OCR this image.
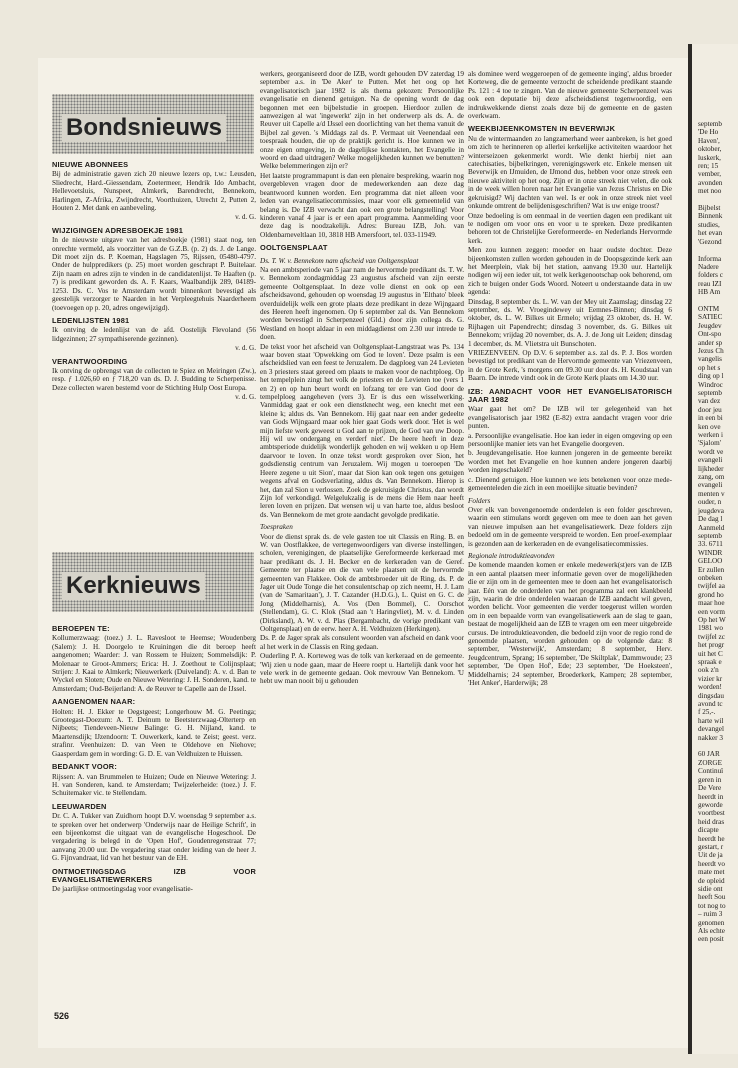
Bondsnieuws
Kerknieuws
NIEUWE ABONNEES

Bij de administratie gaven zich 20 nieuwe lezers op, t.w.: Leusden, Sliedrecht, Hard.-Giessendam, Zoetermeer, Hendrik Ido Ambacht, Hellevoetsluis, Nunspeet, Almkerk, Barendrecht, Bennekom, Harlingen, Z-Afrika, Zwijndrecht, Voorthuizen, Utrecht 2, Putten 2, Houten 2. Met dank en aanbeveling.

v. d. G.

WIJZIGINGEN ADRESBOEKJE 1981

In de nieuwste uitgave van het adresboekje (1981) staat nog, ten onrechte vermeld, als voorzitter van de G.Z.B. (p. 2) ds. J. de Lange. Dit moet zijn ds. P. Koeman, Hagslagen 75, Rijssen, 05480-4797. Onder de hulppredikers (p. 25) moet worden geschrapt P. Buitelaar. Zijn naam en adres zijn te vinden in de candidatenlijst. Te Haaften (p. 7) is predikant geworden ds. A. F. Kaars, Waalbandijk 289, 04189-1253. Ds. C. Vos te Amsterdam wordt binnenkort bevestigd als geestelijk verzorger te Naarden in het Verpleegtehuis Naarderheem (toevoegen op p. 20, adres ongewijzigd).

LEDENLIJSTEN 1981

Ik ontving de ledenlijst van de afd. Oostelijk Flevoland (56 lidgezinnen; 27 sympathiserende gezinnen).

v. d. G.

VERANTWOORDING

Ik ontving de opbrengst van de collecten te Spiez en Meiringen (Zw.), resp. ƒ 1.026,60 en ƒ 718,20 van ds. D. J. Budding te Scherpenisse. Deze collecten waren bestemd voor de Stichting Hulp Oost Europa.

v. d. G.

BEROEPEN TE:

Kollumerzwaag: (toez.) J. L. Ravesloot te Heemse; Woudenberg (Salem): J. H. Doorgelo te Kruiningen die dit beroep heeft aangenomen; Waarder: J. van Rossem te Huizen; Sommelsdijk: P. Molenaar te Groot-Ammers; Erica: H. J. Zoethout te Colijnsplaat; Strijen: J. Kaai te Almkerk; Nieuwerkerk (Duiveland): A. v. d. Ban te Wyckel en Sloten; Oude en Nieuwe Wetering: J. H. Sonderen, kand. te Amsterdam; Oud-Beijerland: A. de Reuver te Capelle aan de IJssel.

AANGENOMEN NAAR:

Holten: H. J. Ekker te Oegstgeest; Longerhouw M. G. Peetinga; Grootegast-Doezum: A. T. Deinum te Beetsterzwaag-Olterterp en Nijbeets; Tiendeveen-Nieuw Balinge: G. H. Nijland, kand. te Maartensdijk; IJzendoorn: T. Ouwerkerk, kand. te Zeist; geest. verz. strafinr. Veenhuizen: D. van Veen te Oldehove en Niehove; Gaasperdam gem in wording: G. D. E. van Veldhuizen te Huissen.

BEDANKT VOOR:

Rijssen: A. van Brummelen te Huizen; Oude en Nieuwe Wetering: J. H. van Sonderen, kand. te Amsterdam; Twijzelerheide: (toez.) J. F. Schuitemaker vic. te Stellendam.

LEEUWARDEN

Dr. C. A. Tukker van Zuidhorn hoopt D.V. woensdag 9 september a.s. te spreken over het onderwerp 'Onderwijs naar de Heilige Schrift', in een bijeenkomst die uitgaat van de evangelische Hogeschool. De vergadering is belegd in de 'Open Hof', Goudenregenstraat 77; aanvang 20.00 uur. De vergadering staat onder leiding van de heer J. G. Fijnvandraat, lid van het bestuur van de EH.

ONTMOETINGSDAG IZB VOOR EVANGELISATIEWERKERS

De jaarlijkse ontmoetingsdag voor evangelisatie-

werkers, georganiseerd door de IZB, wordt gehouden DV zaterdag 19 september a.s. in 'De Aker' te Putten. Met het oog op het evangelisatorisch jaar 1982 is als thema gekozen: Persoonlijke evangelisatie en dienend getuigen. Na de opening wordt de dag begonnen met een bijbelstudie in groepen. Hierdoor zullen de aanwezigen al wat 'ingewerkt' zijn in het onderwerp als ds. A. de Reuver uit Capelle a/d IJssel een doorlichting van het thema vanuit de Bijbel zal geven. 's Middags zal ds. P. Vermaat uit Veenendaal een toespraak houden, die op de praktijk gericht is. Hoe kunnen we in onze eigen omgeving, in de dagelijkse kontakten, het Evangelie in woord en daad uitdragen? Welke mogelijkheden kunnen we benutten? Welke belemmeringen zijn er?

Het laatste programmapunt is dan een plenaire bespreking, waarin nog overgebleven vragen door de medewerkenden aan deze dag beantwoord kunnen worden. Een programma dat niet alleen voor leden van evangelisatiecommissies, maar voor elk gemeentelid van belang is. De IZB verwacht dan ook een grote belangstelling! Voor kinderen vanaf 4 jaar is er een apart programma. Aanmelding voor deze dag is noodzakelijk. Adres: Bureau IZB, Joh. van Oldenbarneveltlaan 10, 3818 HB Amersfoort, tel. 033-11949.

OOLTGENSPLAAT
Ds. T. W. v. Bennekom nam afscheid van Ooltgensplaat

Na een ambtsperiode van 5 jaar nam de hervormde predikant ds. T. W. v. Bennekom zondagmiddag 23 augustus afscheid van zijn eerste gemeente Ooltgensplaat. In deze volle dienst en ook op een afscheidsavond, gehouden op woensdag 19 augustus in 'Elthato' bleek overduidelijk welk een grote plaats deze predikant in deze Wijngaard des Heeren heeft ingenomen. Op 6 september zal ds. Van Bennekom worden bevestigd in Scherpenzeel (Gld.) door zijn collega ds. G. Westland en hoopt aldaar in een middagdienst om 2.30 uur intrede te doen.

De tekst voor het afscheid van Ooltgensplaat-Langstraat was Ps. 134 waar boven staat 'Opwekking om God te loven'. Deze psalm is een afscheidslied van een feest te Jeruzalem. De dagploeg van 24 Levieten en 3 priesters staat gereed om plaats te maken voor de nachtploeg. Op het tempelplein zingt het volk de priesters en de Levieten toe (vers 1 en 2) en op hun beurt wordt en lofzang ter ere van God door de tempelploeg aangeheven (vers 3). Er is dus een wisselwerking. Vanmiddag gaat er ook een dienstknecht weg, een knecht met een kleine k; aldus ds. Van Bennekom. Hij gaat naar een ander gedeelte van Gods Wijngaard maar ook hier gaat Gods werk door. 'Het is wel mijn liefste werk geweest u God aan te prijzen, de God van uw Doop. Hij wil uw ondergang en verderf niet'. De heere heeft in deze ambtsperiode duidelijk wonderlijk gehoden en wij wekken u op Hem daarvoor te loven. In onze tekst wordt gesproken over Sion, het godsdienstig centrum van Jeruzalem. Wij mogen u toeroepen 'De Heere zegene u uit Sion', maar dat Sion kan ook tegen ons getuigen wegens afval en Godsverlating, aldus ds. Van Bennekom. Hierop is het, dan zal Sion u verlossen. Zoek de gekruisigde Christus, dan wordt Zijn lof verkondigd. Welgelukzalig is de mens die Hem naar heeft leren loven en prijzen. Dat wensen wij u van harte toe, aldus besloot ds. Van Bennekom de met grote aandacht gevolgde predikatie.

Toespraken

Voor de dienst sprak ds. de vele gasten toe uit Classis en Ring. B. en W. van Oostflakkee, de vertegenwoordigers van diverse instellingen, scholen, verenigingen, de plaatselijke Gereformeerde kerkeraad met haar predikant ds. J. H. Becker en de kerkeraden van de Geref. Gemeente ter plaatse en die van vele plaatsen uit de hervormde gemeenten van Flakkee. Ook de ambtsbroeder uit de Ring, ds. P. de Jager uit Oude Tonge die het consulentschap op zich neemt, H. J. Lam (van de 'Samaritaan'), J. T. Cazander (H.D.G.), L. Quist en G. C. de Jong (Middelharnis), A. Vos (Den Bommel), C. Oorschot (Stellendam), G. C. Klok (Stad aan 't Haringvliet), M. v. d. Linden (Dirksland), A. W. v. d. Plas (Bergambacht, de vorige predikant van Ooltgensplaat) en de eerw. heer A. H. Veldhuizen (Herkingen).

Ds. P. de Jager sprak als consulent woorden van afscheid en dank voor al het werk in de Classis en Ring gedaan.

Ouderling P. A. Korteweg was de tolk van kerkeraad en de gemeente. 'Wij zien u node gaan, maar de Heere roept u. Hartelijk dank voor het vele werk in de gemeente gedaan. Ook mevrouw Van Bennekom. 'U hebt uw man nooit bij u gehouden

als dominee werd weggeroepen of de gemeente inging', aldus broeder Korteweg, die de gemeente verzocht de scheidende predikant staande Ps. 121 : 4 toe te zingen. Van de nieuwe gemeente Scherpenzeel was ook een deputatie bij deze afscheidsdienst tegenwoordig, een indrukwekkende dienst zoals deze bij de gemeente en de gasten overkwam.

WEEKBIJEENKOMSTEN IN BEVERWIJK

Nu de wintermaanden zo langzamerhand weer aanbreken, is het goed om zich te herinneren op allerlei kerkelijke activiteiten waardoor het winterseizoen gekenmerkt wordt. Wie denkt hierbij niet aan catechisaties, bijbelkringen, verenigingswerk etc. Enkele mensen uit Beverwijk en IJmuiden, de IJmond dus, hebben voor onze streek een nieuwe aktiviteit op het oog. Zijn er in onze streek niet velen, die ook in de week willen horen naar het Evangelie van Jezus Christus en Die gekruisigd? Wij dachten van wel. Is er ook in onze streek niet veel onkunde omtrent de belijdenisgeschriften? Wat is uw enige troost?

Onze bedoeling is om eenmaal in de veertien dagen een predikant uit te nodigen om voor ons en voor u te spreken. Deze predikanten behoren tot de Christelijke Gereformeerde- en Nederlands Hervormde kerk.

Men zou kunnen zeggen: moeder en haar oudste dochter. Deze bijeenkomsten zullen worden gehouden in de Doopsgezinde kerk aan het Meerplein, vlak bij het station, aanvang 19.30 uur. Hartelijk nodigen wij een ieder uit, tot welk kerkgenootschap ook behorend, om zich te buigen onder Gods Woord. Noteert u onderstaande data in uw agenda:

Dinsdag, 8 september ds. L. W. van der Mey uit Zaamslag; dinsdag 22 september, ds. W. Vroegindewey uit Eemnes-Binnen; dinsdag 6 oktober, ds. L. W. Bilkes uit Ermelo; vrijdag 23 oktober, ds. H. W. Rijhagen uit Papendrecht; dinsdag 3 november, ds. G. Bilkes uit Bennekom; vrijdag 20 november, ds. A. J. de Jong uit Leiden; dinsdag 1 december, ds. M. Vlietstra uit Bunschoten.

VRIEZENVEEN. Op D.V. 6 september a.s. zal ds. P. J. Bos worden bevestigd tot predikant van de Hervormde gemeente van Vriezenveen, in de Grote Kerk, 's morgens om 09.30 uur door ds. H. Koudstaal van Baarn. De intrede vindt ook in de Grote Kerk plaats om 14.30 uur.

IZB: AANDACHT VOOR HET EVANGELISATORISCH JAAR 1982

Waar gaat het om? De IZB wil ter gelegenheid van het evangelisatorisch jaar 1982 (E-82) extra aandacht vragen voor drie punten.

a. Persoonlijke evangelisatie. Hoe kan ieder in eigen omgeving op een persoonlijke manier iets van het Evangelie doorgeven.

b. Jeugdevangelisatie. Hoe kunnen jongeren in de gemeente bereikt worden met het Evangelie en hoe kunnen andere jongeren daarbij worden ingeschakeld?

c. Dienend getuigen. Hoe kunnen we iets betekenen voor onze mede-gemeenteleden die zich in een moeilijke situatie bevinden?

Folders

Over elk van bovengenoemde onderdelen is een folder geschreven, waarin een stimulans wordt gegeven om mee te doen aan het geven van nieuwe impulsen aan het evangelisatiewerk. Deze folders zijn bedoeld om in de gemeente verspreid te worden. Een proef-exemplaar is gezonden aan de kerkeraden en de evangelisatiecommissies.

Regionale introduktieavonden

De komende maanden komen er enkele medewerk(st)ers van de IZB in een aantal plaatsen meer informatie geven over de mogelijkheden die er zijn om in de gemeenten mee te doen aan het evangelisatorisch jaar. Eén van de onderdelen van het programma zal een klankbeeld zijn, waarin de drie onderdelen waaraan de IZB aandacht wil geven, worden belicht. Voor gemeenten die verder toegerust willen worden om in een bepaalde vorm van evangelisatiewerk aan de slag te gaan, bestaat de mogelijkheid aan de IZB te vragen om een meer uitgebreide cursus. De introduktieavonden, die bedoeld zijn voor de regio rond de genoemde plaatsen, worden gehouden op de volgende data: 8 september, 'Westerwijk', Amsterdam; 8 september, Herv. Jeugdcentrum, Sprang; 16 september, 'De Skiltplak', Dammwoude; 23 september, 'De Open Hof', Ede; 23 september, 'De Hoeksteen', Middelharnis; 24 september, Broederkerk, Kampen; 28 september, 'Het Anker', Harderwijk; 28

526

septemb

'De Ho

Haven',

oktober,

luskerk,

ren; 15

vember,

avonden

met noo

Bijbelst

Binnenk

studies,

het evan

'Gezond

Informa

Nadere

folders c

reau IZI

HB Am

ONTM

SATIEC

Jeugdev

Ont-spo

ander sp

Jezus Ch

vangelis

op het s

ding op l

Windroc

septemb

van dez

door jeu

in een bi

ken ove

werken i

'Sjalom'

wordt ve

evangeli

lijkheder

zang, om

evangeli

menten v

ouder, n

jeugdeva

De dag l

Aanmeld

septemb

33. 6711

WINDR

GELOO

Er zullen

onbeken

twijfel aa

grond ho

maar hoe

een vorm

Op het W

1981 wo

twijfel zc

het progr

uit het C

spraak e

ook z'n

vizier kr

worden!

dingsdau

avond tc

f 25,-.

harte wil

devangel

nakker 3

60 JAR

ZORGE

Continuï

geren in

De Vere

heerdt in

geworde

voortbest

heid dras

dicapte

heerdt he

gestart, r

Uit de ja

heerdt vo

mate met

de opleid

sidie ont

heeft Sou

tot nog to

– ruim 3

genomen

Als echte

een posit
